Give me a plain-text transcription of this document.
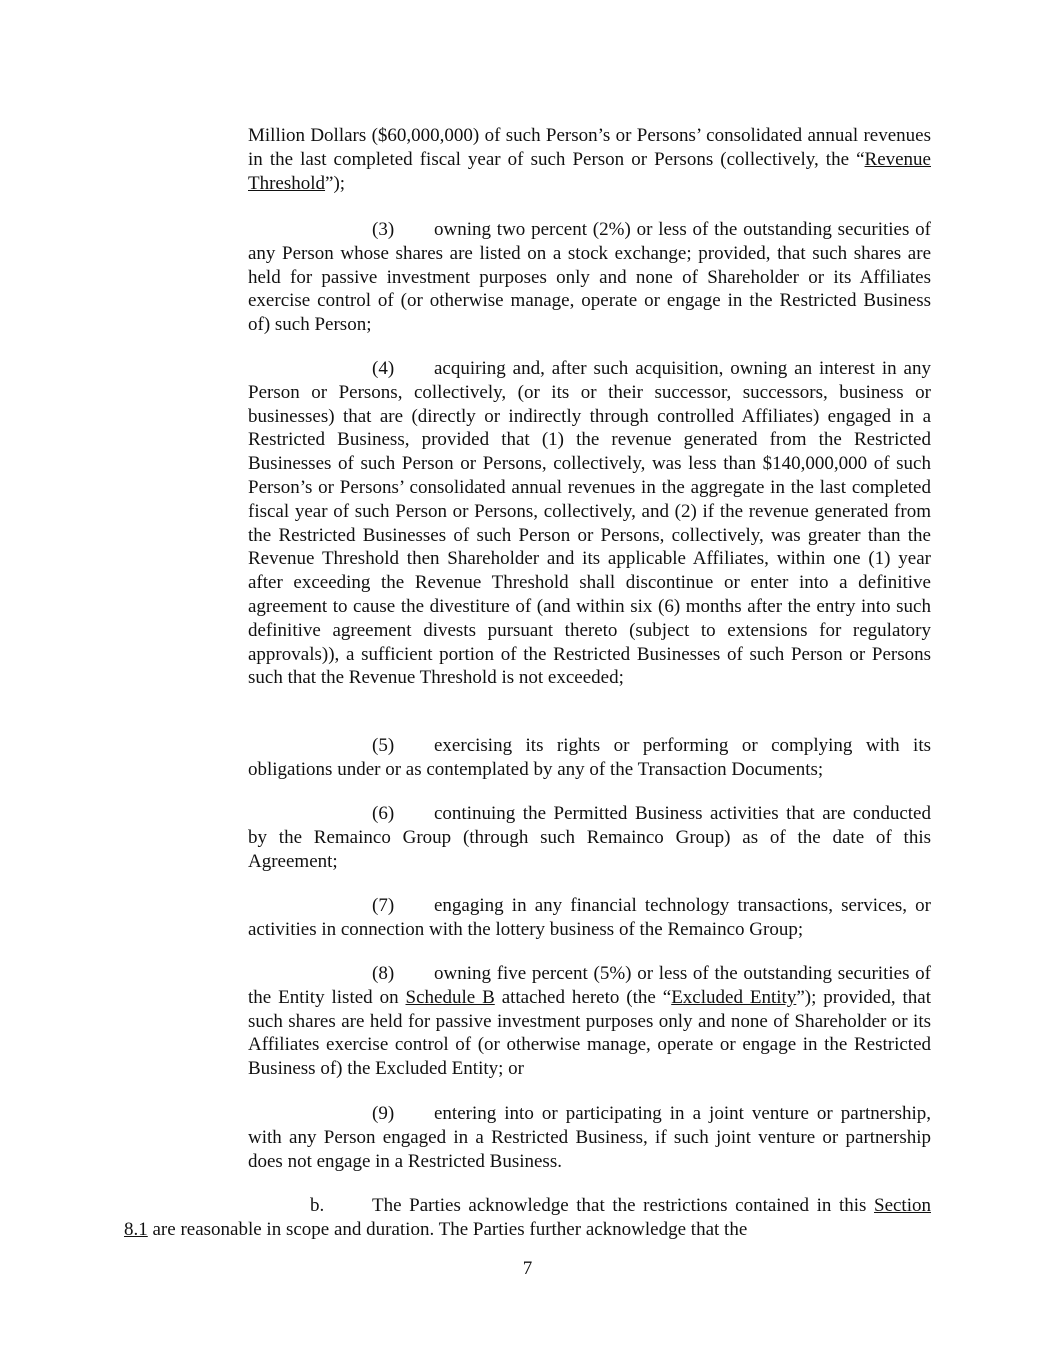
Million Dollars ($60,000,000) of such Person’s or Persons’ consolidated annual revenues in the last completed fiscal year of such Person or Persons (collectively, the “Revenue Threshold”);

(3) owning two percent (2%) or less of the outstanding securities of any Person whose shares are listed on a stock exchange; provided, that such shares are held for passive investment purposes only and none of Shareholder or its Affiliates exercise control of (or otherwise manage, operate or engage in the Restricted Business of) such Person;

(4) acquiring and, after such acquisition, owning an interest in any Person or Persons, collectively, (or its or their successor, successors, business or businesses) that are (directly or indirectly through controlled Affiliates) engaged in a Restricted Business, provided that (1) the revenue generated from the Restricted Businesses of such Person or Persons, collectively, was less than $140,000,000 of such Person’s or Persons’ consolidated annual revenues in the aggregate in the last completed fiscal year of such Person or Persons, collectively, and (2) if the revenue generated from the Restricted Businesses of such Person or Persons, collectively, was greater than the Revenue Threshold then Shareholder and its applicable Affiliates, within one (1) year after exceeding the Revenue Threshold shall discontinue or enter into a definitive agreement to cause the divestiture of (and within six (6) months after the entry into such definitive agreement divests pursuant thereto (subject to extensions for regulatory approvals)), a sufficient portion of the Restricted Businesses of such Person or Persons such that the Revenue Threshold is not exceeded;

(5) exercising its rights or performing or complying with its obligations under or as contemplated by any of the Transaction Documents;

(6) continuing the Permitted Business activities that are conducted by the Remainco Group (through such Remainco Group) as of the date of this Agreement;

(7) engaging in any financial technology transactions, services, or activities in connection with the lottery business of the Remainco Group;

(8) owning five percent (5%) or less of the outstanding securities of the Entity listed on Schedule B attached hereto (the “Excluded Entity”); provided, that such shares are held for passive investment purposes only and none of Shareholder or its Affiliates exercise control of (or otherwise manage, operate or engage in the Restricted Business of) the Excluded Entity; or

(9) entering into or participating in a joint venture or partnership, with any Person engaged in a Restricted Business, if such joint venture or partnership does not engage in a Restricted Business.

b.	The Parties acknowledge that the restrictions contained in this Section 8.1 are reasonable in scope and duration. The Parties further acknowledge that the

7
